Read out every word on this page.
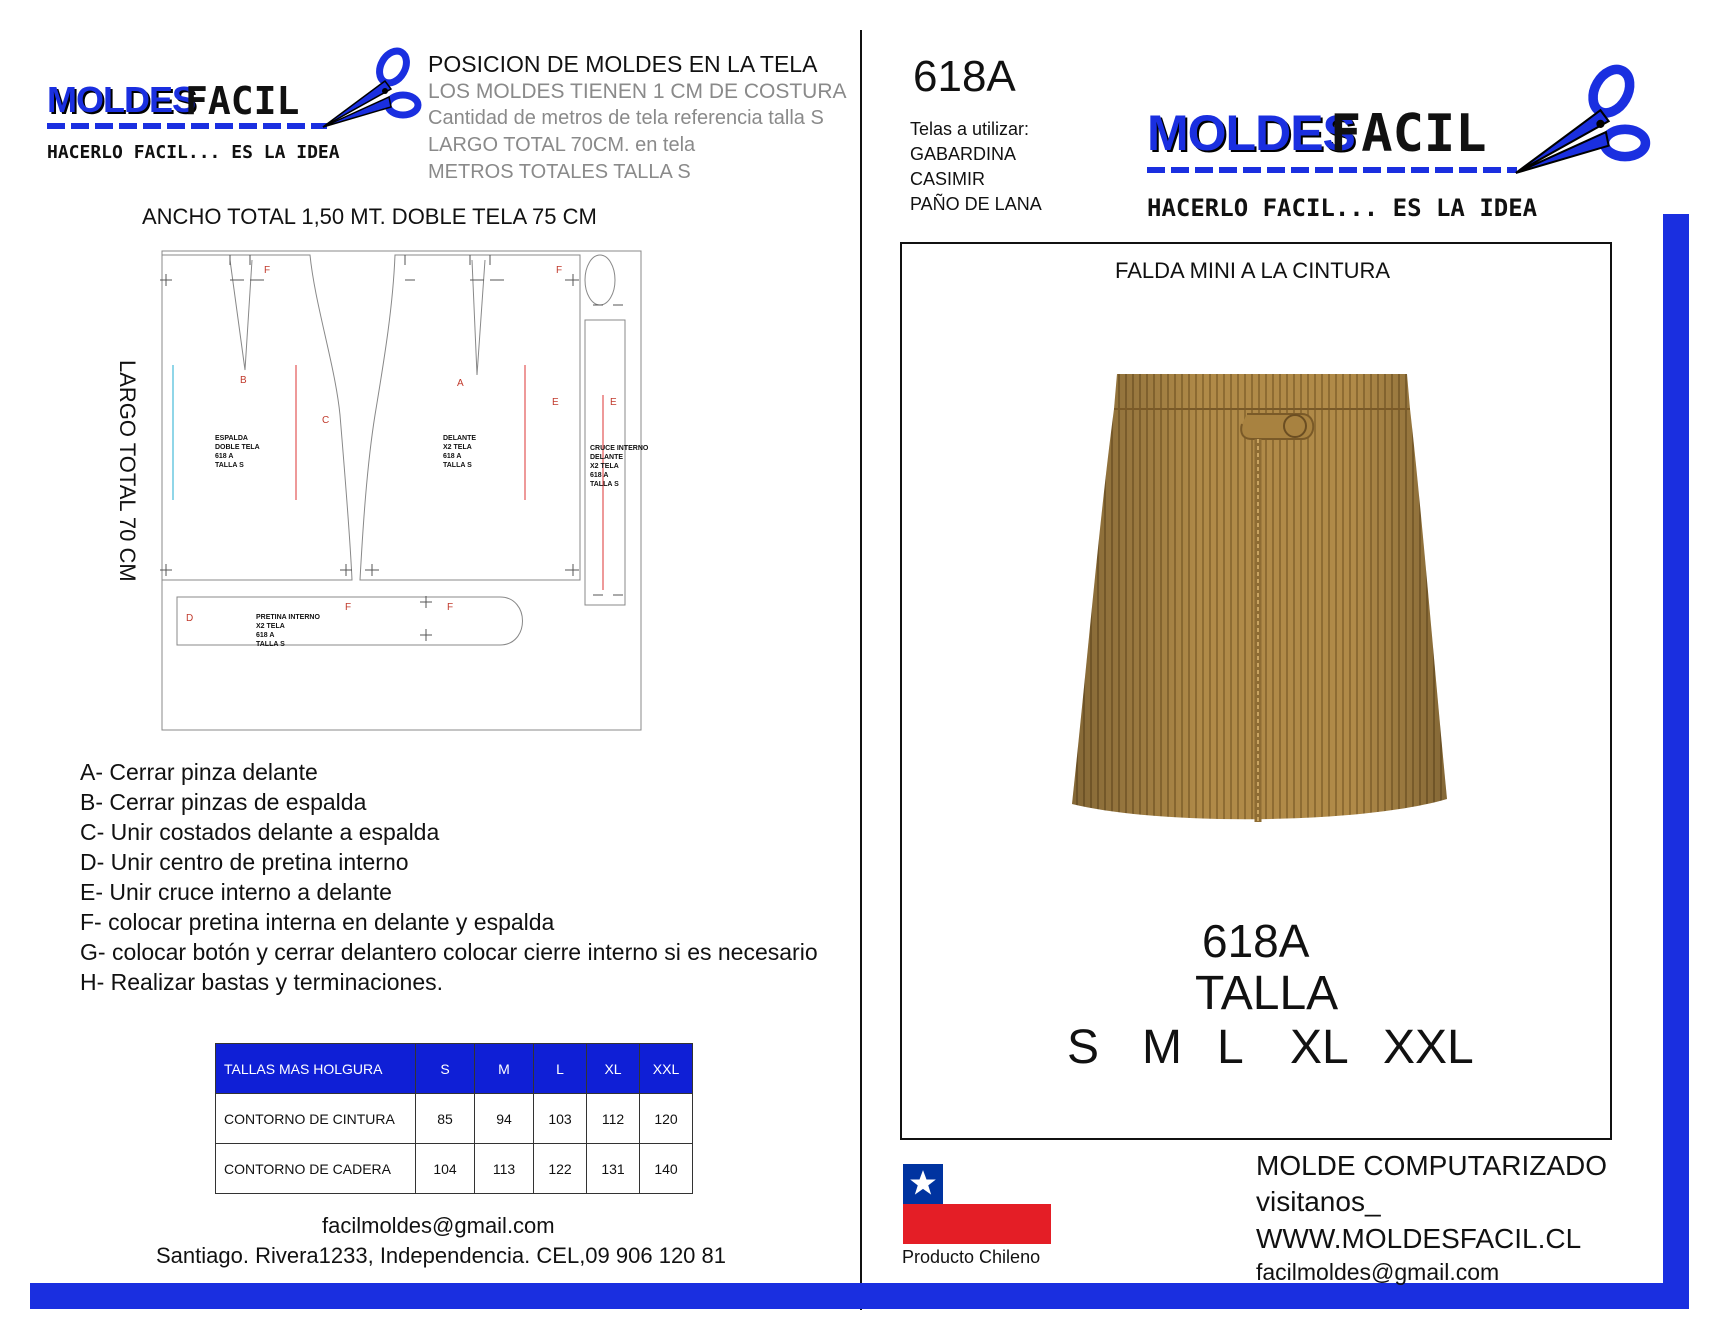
MOLDES
FACIL
HACERLO FACIL... ES LA IDEA
POSICION DE MOLDES EN LA TELA
LOS MOLDES TIENEN 1 CM DE COSTURA
Cantidad de metros de tela referencia talla S
LARGO TOTAL 70CM. en tela
METROS TOTALES TALLA S
ANCHO TOTAL 1,50 MT. DOBLE TELA 75 CM
LARGO TOTAL 70 CM	ESPALDA
DOBLE TELA
618 A
TALLA S
DELANTE
X2 TELA
618 A
TALLA S
CRUCE INTERNO
DELANTE
X2 TELA
618 A
TALLA S
PRETINA INTERNO
X2 TELA
618 A
TALLA S
F	F
B	A
C
E	E
D
F	F
A- Cerrar pinza delante
B- Cerrar pinzas de espalda
C- Unir costados delante a espalda
D- Unir centro de pretina interno
E- Unir cruce interno a delante
F- colocar pretina interna en delante y espalda
G- colocar botón y cerrar delantero colocar cierre interno si es necesario
H- Realizar bastas y terminaciones.
TALLAS MAS HOLGURA	S	M	L	XL	XXL
CONTORNO DE CINTURA	85	94	103	112	120
CONTORNO DE CADERA	104	113	122	131	140
facilmoldes@gmail.com
Santiago. Rivera1233, Independencia. CEL,09 906 120 81
618A
Telas a utilizar:
GABARDINA
CASIMIR
PAÑO DE LANA
MOLDES
FACIL
HACERLO FACIL... ES LA IDEA
FALDA MINI A LA CINTURA
618A
TALLA
S M L XL XXL
Producto Chileno
MOLDE COMPUTARIZADO
visitanos_
WWW.MOLDESFACIL.CL
facilmoldes@gmail.com
